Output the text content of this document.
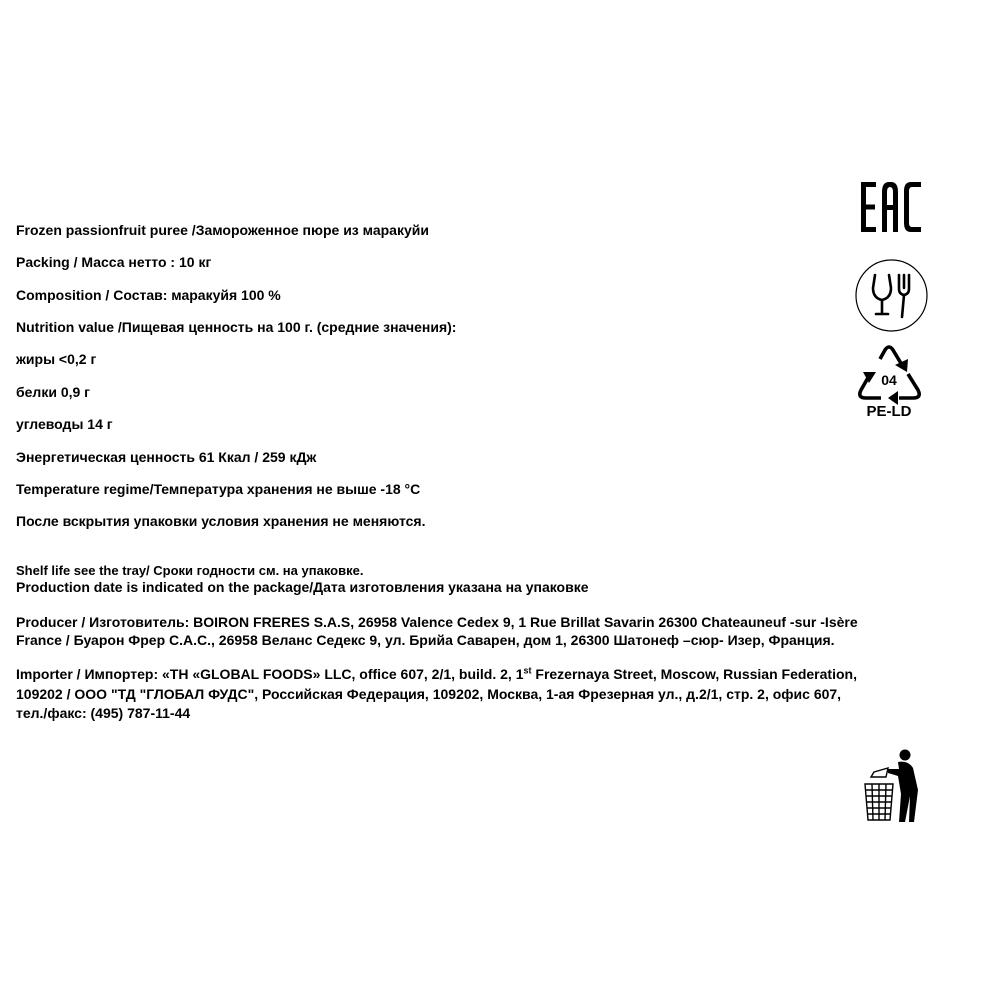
Frozen passionfruit puree /Замороженное пюре из маракуйи
Packing / Масса нетто : 10 кг
Composition / Состав: маракуйя 100 %
Nutrition value /Пищевая ценность на 100 г. (средние значения):
жиры <0,2 г
белки 0,9 г
углеводы 14 г
Энергетическая ценность 61 Ккал / 259 кДж
Temperature regime/Температура хранения не выше -18 °С
После вскрытия упаковки условия хранения не меняются.
Shelf life see the tray/ Сроки годности см. на упаковке.
Production date is indicated on the package/Дата изготовления указана на упаковке
Producer / Изготовитель: BOIRON FRERES S.A.S, 26958 Valence Cedex 9, 1 Rue Brillat Savarin 26300 Chateauneuf -sur -Isère
France / Буарон Фрер С.А.С., 26958 Веланс Седекс 9, ул. Брийа Саварен, дом 1, 26300 Шатонеф –сюр- Изер, Франция.
Importer / Импортер: «TH «GLOBAL FOODS» LLC, office 607, 2/1, build. 2, 1st Frezernaya Street, Moscow, Russian Federation,
109202 / ООО "ТД "ГЛОБАЛ ФУДС", Российская Федерация, 109202, Москва, 1-ая Фрезерная ул., д.2/1, стр. 2, офис 607,
тел./факс: (495) 787-11-44
04
PE-LD
